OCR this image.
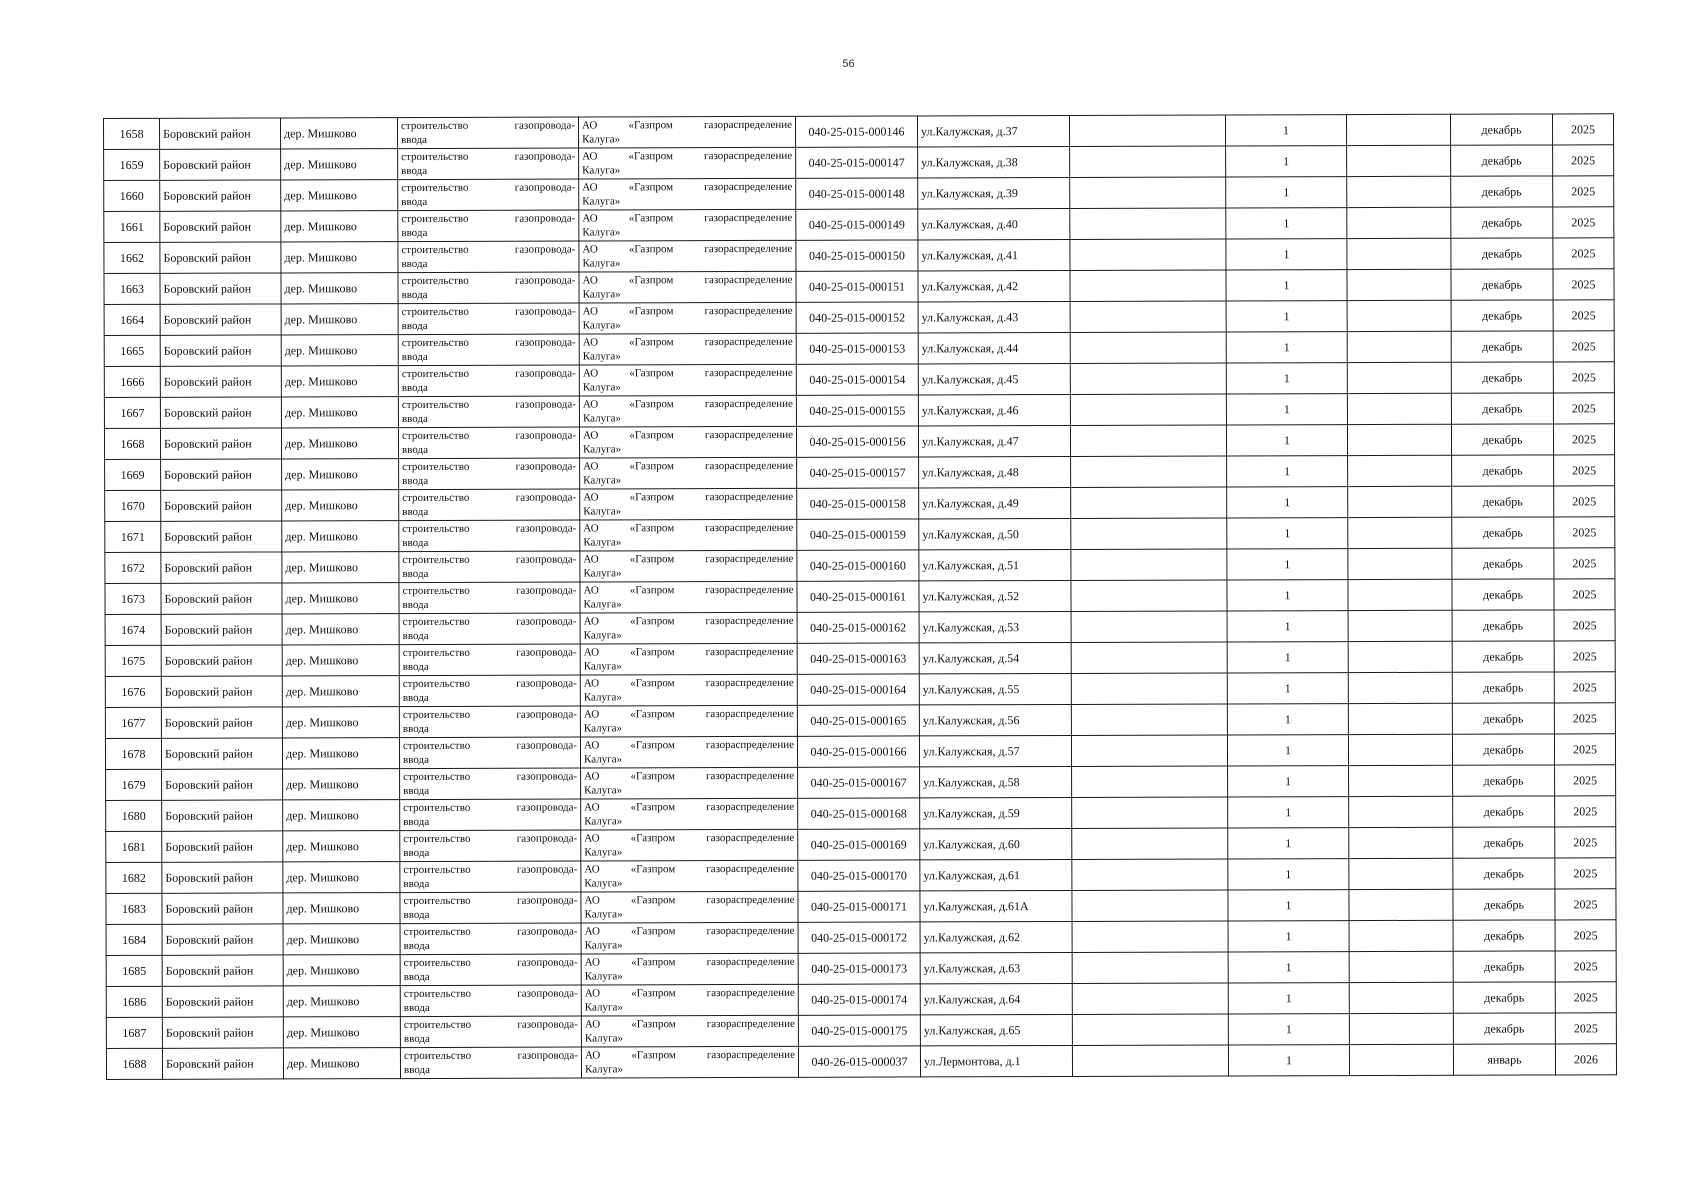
56
1658	Боровский район	дер. Мишково	строительство газопровода-
ввода	АО «Газпром газораспределение
Калуга»	040-25-015-000146	ул.Калужская, д.37		1		декабрь	2025
1659	Боровский район	дер. Мишково	строительство газопровода-
ввода	АО «Газпром газораспределение
Калуга»	040-25-015-000147	ул.Калужская, д.38		1		декабрь	2025
1660	Боровский район	дер. Мишково	строительство газопровода-
ввода	АО «Газпром газораспределение
Калуга»	040-25-015-000148	ул.Калужская, д.39		1		декабрь	2025
1661	Боровский район	дер. Мишково	строительство газопровода-
ввода	АО «Газпром газораспределение
Калуга»	040-25-015-000149	ул.Калужская, д.40		1		декабрь	2025
1662	Боровский район	дер. Мишково	строительство газопровода-
ввода	АО «Газпром газораспределение
Калуга»	040-25-015-000150	ул.Калужская, д.41		1		декабрь	2025
1663	Боровский район	дер. Мишково	строительство газопровода-
ввода	АО «Газпром газораспределение
Калуга»	040-25-015-000151	ул.Калужская, д.42		1		декабрь	2025
1664	Боровский район	дер. Мишково	строительство газопровода-
ввода	АО «Газпром газораспределение
Калуга»	040-25-015-000152	ул.Калужская, д.43		1		декабрь	2025
1665	Боровский район	дер. Мишково	строительство газопровода-
ввода	АО «Газпром газораспределение
Калуга»	040-25-015-000153	ул.Калужская, д.44		1		декабрь	2025
1666	Боровский район	дер. Мишково	строительство газопровода-
ввода	АО «Газпром газораспределение
Калуга»	040-25-015-000154	ул.Калужская, д.45		1		декабрь	2025
1667	Боровский район	дер. Мишково	строительство газопровода-
ввода	АО «Газпром газораспределение
Калуга»	040-25-015-000155	ул.Калужская, д.46		1		декабрь	2025
1668	Боровский район	дер. Мишково	строительство газопровода-
ввода	АО «Газпром газораспределение
Калуга»	040-25-015-000156	ул.Калужская, д.47		1		декабрь	2025
1669	Боровский район	дер. Мишково	строительство газопровода-
ввода	АО «Газпром газораспределение
Калуга»	040-25-015-000157	ул.Калужская, д.48		1		декабрь	2025
1670	Боровский район	дер. Мишково	строительство газопровода-
ввода	АО «Газпром газораспределение
Калуга»	040-25-015-000158	ул.Калужская, д.49		1		декабрь	2025
1671	Боровский район	дер. Мишково	строительство газопровода-
ввода	АО «Газпром газораспределение
Калуга»	040-25-015-000159	ул.Калужская, д.50		1		декабрь	2025
1672	Боровский район	дер. Мишково	строительство газопровода-
ввода	АО «Газпром газораспределение
Калуга»	040-25-015-000160	ул.Калужская, д.51		1		декабрь	2025
1673	Боровский район	дер. Мишково	строительство газопровода-
ввода	АО «Газпром газораспределение
Калуга»	040-25-015-000161	ул.Калужская, д.52		1		декабрь	2025
1674	Боровский район	дер. Мишково	строительство газопровода-
ввода	АО «Газпром газораспределение
Калуга»	040-25-015-000162	ул.Калужская, д.53		1		декабрь	2025
1675	Боровский район	дер. Мишково	строительство газопровода-
ввода	АО «Газпром газораспределение
Калуга»	040-25-015-000163	ул.Калужская, д.54		1		декабрь	2025
1676	Боровский район	дер. Мишково	строительство газопровода-
ввода	АО «Газпром газораспределение
Калуга»	040-25-015-000164	ул.Калужская, д.55		1		декабрь	2025
1677	Боровский район	дер. Мишково	строительство газопровода-
ввода	АО «Газпром газораспределение
Калуга»	040-25-015-000165	ул.Калужская, д.56		1		декабрь	2025
1678	Боровский район	дер. Мишково	строительство газопровода-
ввода	АО «Газпром газораспределение
Калуга»	040-25-015-000166	ул.Калужская, д.57		1		декабрь	2025
1679	Боровский район	дер. Мишково	строительство газопровода-
ввода	АО «Газпром газораспределение
Калуга»	040-25-015-000167	ул.Калужская, д.58		1		декабрь	2025
1680	Боровский район	дер. Мишково	строительство газопровода-
ввода	АО «Газпром газораспределение
Калуга»	040-25-015-000168	ул.Калужская, д.59		1		декабрь	2025
1681	Боровский район	дер. Мишково	строительство газопровода-
ввода	АО «Газпром газораспределение
Калуга»	040-25-015-000169	ул.Калужская, д.60		1		декабрь	2025
1682	Боровский район	дер. Мишково	строительство газопровода-
ввода	АО «Газпром газораспределение
Калуга»	040-25-015-000170	ул.Калужская, д.61		1		декабрь	2025
1683	Боровский район	дер. Мишково	строительство газопровода-
ввода	АО «Газпром газораспределение
Калуга»	040-25-015-000171	ул.Калужская, д.61А		1		декабрь	2025
1684	Боровский район	дер. Мишково	строительство газопровода-
ввода	АО «Газпром газораспределение
Калуга»	040-25-015-000172	ул.Калужская, д.62		1		декабрь	2025
1685	Боровский район	дер. Мишково	строительство газопровода-
ввода	АО «Газпром газораспределение
Калуга»	040-25-015-000173	ул.Калужская, д.63		1		декабрь	2025
1686	Боровский район	дер. Мишково	строительство газопровода-
ввода	АО «Газпром газораспределение
Калуга»	040-25-015-000174	ул.Калужская, д.64		1		декабрь	2025
1687	Боровский район	дер. Мишково	строительство газопровода-
ввода	АО «Газпром газораспределение
Калуга»	040-25-015-000175	ул.Калужская, д.65		1		декабрь	2025
1688	Боровский район	дер. Мишково	строительство газопровода-
ввода	АО «Газпром газораспределение
Калуга»	040-26-015-000037	ул.Лермонтова, д.1		1		январь	2026
